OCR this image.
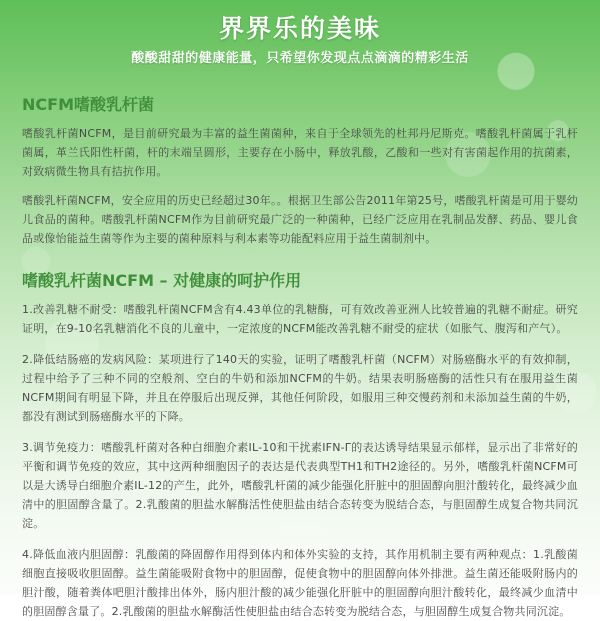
界界乐的美味
酸酸甜甜的健康能量，只希望你发现点点滴滴的精彩生活
NCFM嗜酸乳杆菌

嗜酸乳杆菌NCFM，是目前研究最为丰富的益生菌菌种，来自于全球领先的杜邦丹尼斯克。嗜酸乳杆菌属于乳杆菌属，革兰氏阳性杆菌，杆的末端呈圆形，主要存在小肠中，释放乳酸，乙酸和一些对有害菌起作用的抗菌素，对致病微生物具有拮抗作用。

嗜酸乳杆菌NCFM，安全应用的历史已经超过30年。。根据卫生部公告2011年第25号，嗜酸乳杆菌是可用于婴幼儿食品的菌种。嗜酸乳杆菌NCFM作为目前研究最广泛的一种菌种，已经广泛应用在乳制品发酵、药品、婴儿食品或像怡能益生菌等作为主要的菌种原料与利本素等功能配料应用于益生菌制剂中。

嗜酸乳杆菌NCFM – 对健康的呵护作用

1.改善乳糖不耐受：嗜酸乳杆菌NCFM含有4.43单位的乳糖酶，可有效改善亚洲人比较普遍的乳糖不耐症。研究证明，在9-10名乳糖消化不良的儿童中，一定浓度的NCFM能改善乳糖不耐受的症状（如胀气、腹泻和产气）。

2.降低结肠癌的发病风险：某项进行了140天的实验，证明了嗜酸乳杆菌（NCFM）对肠癌酶水平的有效抑制，过程中给予了三种不同的空般剂、空白的牛奶和添加NCFM的牛奶。结果表明肠癌酶的活性只有在服用益生菌NCFM期间有明显下降，并且在停服后出现反弹，其他任何阶段，如服用三种交慢药剂和未添加益生菌的牛奶，都没有测试到肠癌酶水平的下降。

3.调节免疫力：嗜酸乳杆菌对各种白细胞介素IL-10和干扰素IFN-Γ的表达诱导结果显示郁样，显示出了非常好的平衡和调节免疫的效应，其中这两种细胞因子的表达是代表典型TH1和TH2途径的。另外，嗜酸乳杆菌NCFM可以是大诱导白细胞介素IL-12的产生，此外，嗜酸乳杆菌的减少能强化肝脏中的胆固醇向胆汁酸转化，最终减少血清中的胆固醇含量了。2.乳酸菌的胆盐水解酶活性使胆盐由结合态转变为脱结合态，与胆固醇生成复合物共同沉淀。

4.降低血液内胆固醇：乳酸菌的降固醇作用得到体内和体外实验的支持，其作用机制主要有两种观点：1.乳酸菌细胞直接吸收胆固醇。益生菌能吸附食物中的胆固醇，促使食物中的胆固醇向体外排泄。益生菌还能吸附肠内的胆汁酸，随着粪体吧胆汁酸排出体外，肠内胆汁酸的减少能强化肝脏中的胆固醇向胆汁酸转化，最终减少血清中的胆固醇含量了。2.乳酸菌的胆盐水解酶活性使胆盐由结合态转变为脱结合态，与胆固醇生成复合物共同沉淀。
